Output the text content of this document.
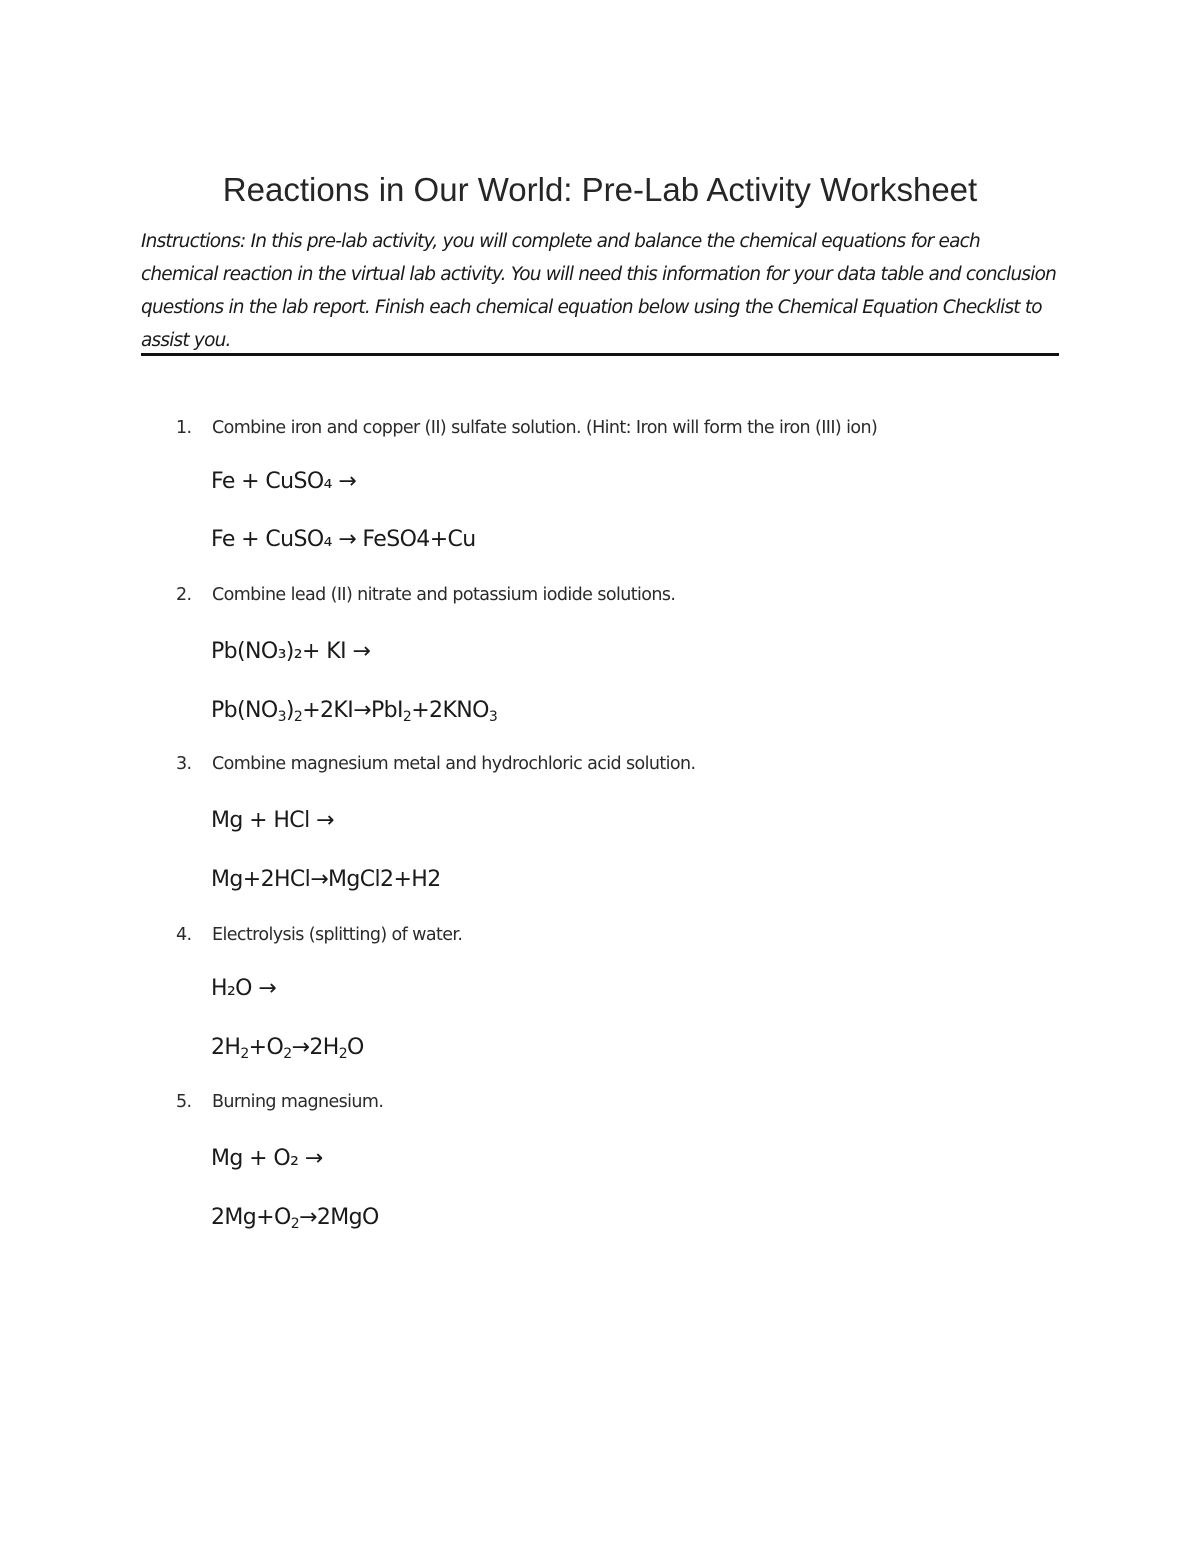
Reactions in Our World: Pre-Lab Activity Worksheet
Instructions: In this pre-lab activity, you will complete and balance the chemical equations for each chemical reaction in the virtual lab activity. You will need this information for your data table and conclusion questions in the lab report. Finish each chemical equation below using the Chemical Equation Checklist to assist you.
1. Combine iron and copper (II) sulfate solution. (Hint: Iron will form the iron (III) ion)
Fe + CuSO₄ →
Fe + CuSO₄ → FeSO4+Cu
2. Combine lead (II) nitrate and potassium iodide solutions.
Pb(NO₃)₂+ KI →
$Pb(NO_3)_2+2KI\to PbI_2+2KNO_3$
3. Combine magnesium metal and hydrochloric acid solution.
Mg + HCl →
Mg+2HCl→MgCl2+H2
4. Electrolysis (splitting) of water.
H₂O →
$2H_2+O_2\to 2H_2O$
5. Burning magnesium.
Mg + O₂ →
$2Mg+O_2\to 2MgO$
